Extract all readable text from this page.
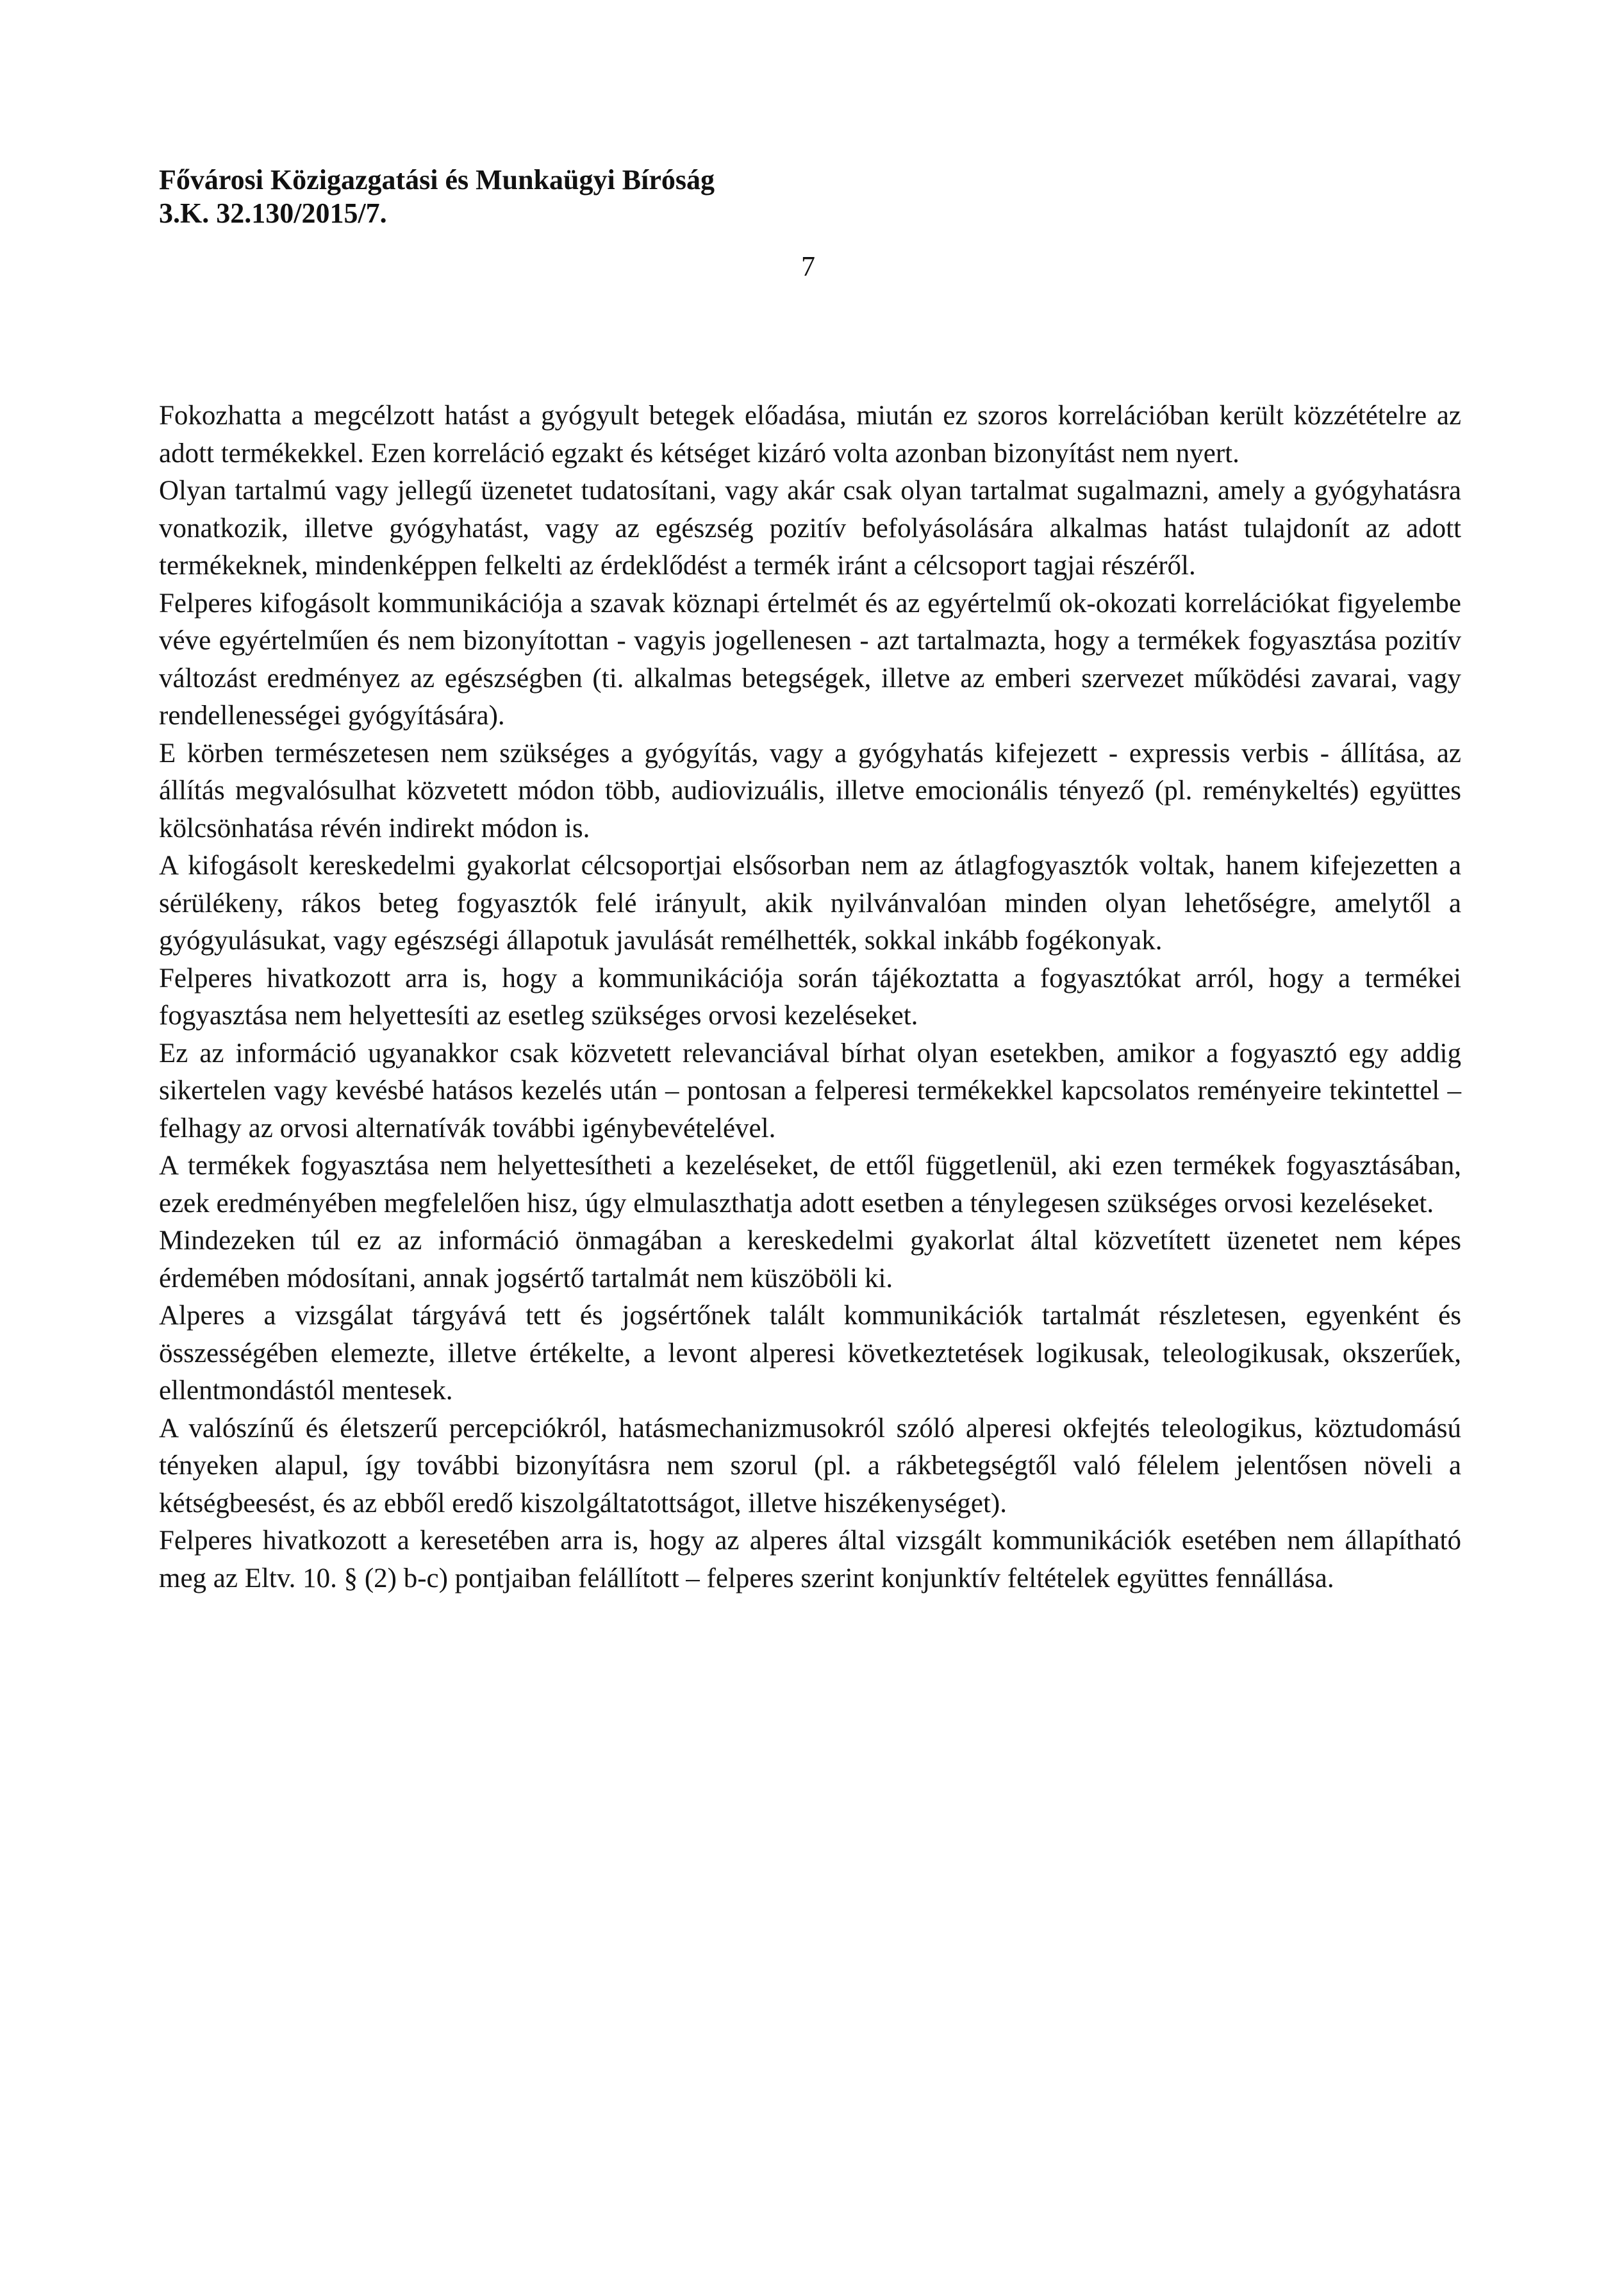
Fővárosi Közigazgatási és Munkaügyi Bíróság
3.K. 32.130/2015/7.
7

Fokozhatta a megcélzott hatást a gyógyult betegek előadása, miután ez szoros korrelációban került közzétételre az adott termékekkel. Ezen korreláció egzakt és kétséget kizáró volta azonban bizonyítást nem nyert.

Olyan tartalmú vagy jellegű üzenetet tudatosítani, vagy akár csak olyan tartalmat sugalmazni, amely a gyógyhatásra vonatkozik, illetve gyógyhatást, vagy az egészség pozitív befolyásolására alkalmas hatást tulajdonít az adott termékeknek, mindenképpen felkelti az érdeklődést a termék iránt a célcsoport tagjai részéről.

Felperes kifogásolt kommunikációja a szavak köznapi értelmét és az egyértelmű ok-okozati korrelációkat figyelembe véve egyértelműen és nem bizonyítottan - vagyis jogellenesen - azt tartalmazta, hogy a termékek fogyasztása pozitív változást eredményez az egészségben (ti. alkalmas betegségek, illetve az emberi szervezet működési zavarai, vagy rendellenességei gyógyítására).

E körben természetesen nem szükséges a gyógyítás, vagy a gyógyhatás kifejezett - expressis verbis - állítása, az állítás megvalósulhat közvetett módon több, audiovizuális, illetve emocionális tényező (pl. reménykeltés) együttes kölcsönhatása révén indirekt módon is.

A kifogásolt kereskedelmi gyakorlat célcsoportjai elsősorban nem az átlagfogyasztók voltak, hanem kifejezetten a sérülékeny, rákos beteg fogyasztók felé irányult, akik nyilvánvalóan minden olyan lehetőségre, amelytől a gyógyulásukat, vagy egészségi állapotuk javulását remélhették, sokkal inkább fogékonyak.

Felperes hivatkozott arra is, hogy a kommunikációja során tájékoztatta a fogyasztókat arról, hogy a termékei fogyasztása nem helyettesíti az esetleg szükséges orvosi kezeléseket.

Ez az információ ugyanakkor csak közvetett relevanciával bírhat olyan esetekben, amikor a fogyasztó egy addig sikertelen vagy kevésbé hatásos kezelés után – pontosan a felperesi termékekkel kapcsolatos reményeire tekintettel – felhagy az orvosi alternatívák további igénybevételével.

A termékek fogyasztása nem helyettesítheti a kezeléseket, de ettől függetlenül, aki ezen termékek fogyasztásában, ezek eredményében megfelelően hisz, úgy elmulaszthatja adott esetben a ténylegesen szükséges orvosi kezeléseket.

Mindezeken túl ez az információ önmagában a kereskedelmi gyakorlat által közvetített üzenetet nem képes érdemében módosítani, annak jogsértő tartalmát nem küszöböli ki.

Alperes a vizsgálat tárgyává tett és jogsértőnek talált kommunikációk tartalmát részletesen, egyenként és összességében elemezte, illetve értékelte, a levont alperesi következtetések logikusak, teleologikusak, okszerűek, ellentmondástól mentesek.

A valószínű és életszerű percepciókról, hatásmechanizmusokról szóló alperesi okfejtés teleologikus, köztudomású tényeken alapul, így további bizonyításra nem szorul (pl. a rákbetegségtől való félelem jelentősen növeli a kétségbeesést, és az ebből eredő kiszolgáltatottságot, illetve hiszékenységet).

Felperes hivatkozott a keresetében arra is, hogy az alperes által vizsgált kommunikációk esetében nem állapítható meg az Eltv. 10. § (2) b-c) pontjaiban felállított – felperes szerint konjunktív feltételek együttes fennállása.
